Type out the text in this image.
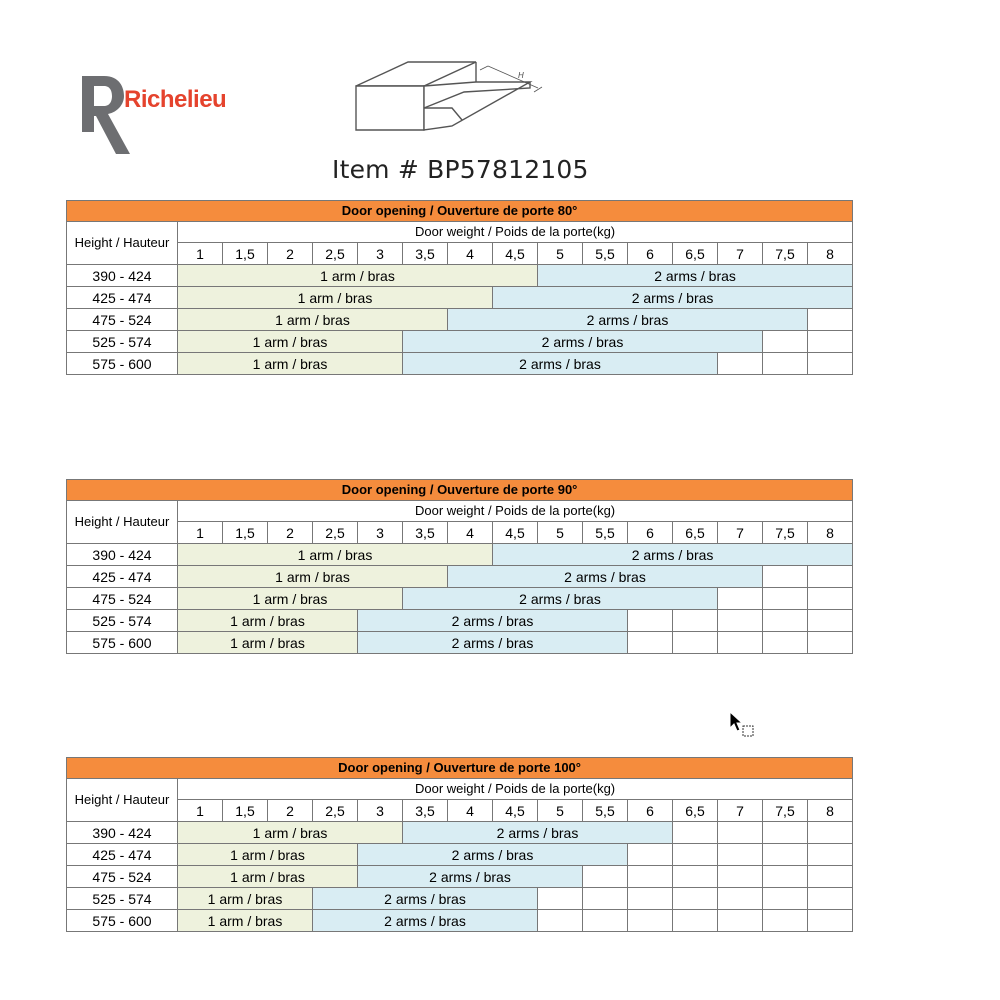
Richelieu
H
Item # BP57812105
Door opening / Ouverture de porte 80°															
Height / Hauteur	Door weight / Poids de la porte(kg)														
	1	1,5	2	2,5	3	3,5	4	4,5	5	5,5	6	6,5	7	7,5	8
390 - 424	1 arm / bras								2 arms / bras						
425 - 474	1 arm / bras							2 arms / bras							
475 - 524	1 arm / bras						2 arms / bras								
525 - 574	1 arm / bras					2 arms / bras									
575 - 600	1 arm / bras					2 arms / bras									
Door opening / Ouverture de porte 90°															
Height / Hauteur	Door weight / Poids de la porte(kg)														
	1	1,5	2	2,5	3	3,5	4	4,5	5	5,5	6	6,5	7	7,5	8
390 - 424	1 arm / bras							2 arms / bras							
425 - 474	1 arm / bras						2 arms / bras								
475 - 524	1 arm / bras					2 arms / bras									
525 - 574	1 arm / bras				2 arms / bras										
575 - 600	1 arm / bras				2 arms / bras										
Door opening / Ouverture de porte 100°															
Height / Hauteur	Door weight / Poids de la porte(kg)														
	1	1,5	2	2,5	3	3,5	4	4,5	5	5,5	6	6,5	7	7,5	8
390 - 424	1 arm / bras					2 arms / bras									
425 - 474	1 arm / bras				2 arms / bras										
475 - 524	1 arm / bras				2 arms / bras										
525 - 574	1 arm / bras			2 arms / bras											
575 - 600	1 arm / bras			2 arms / bras											
